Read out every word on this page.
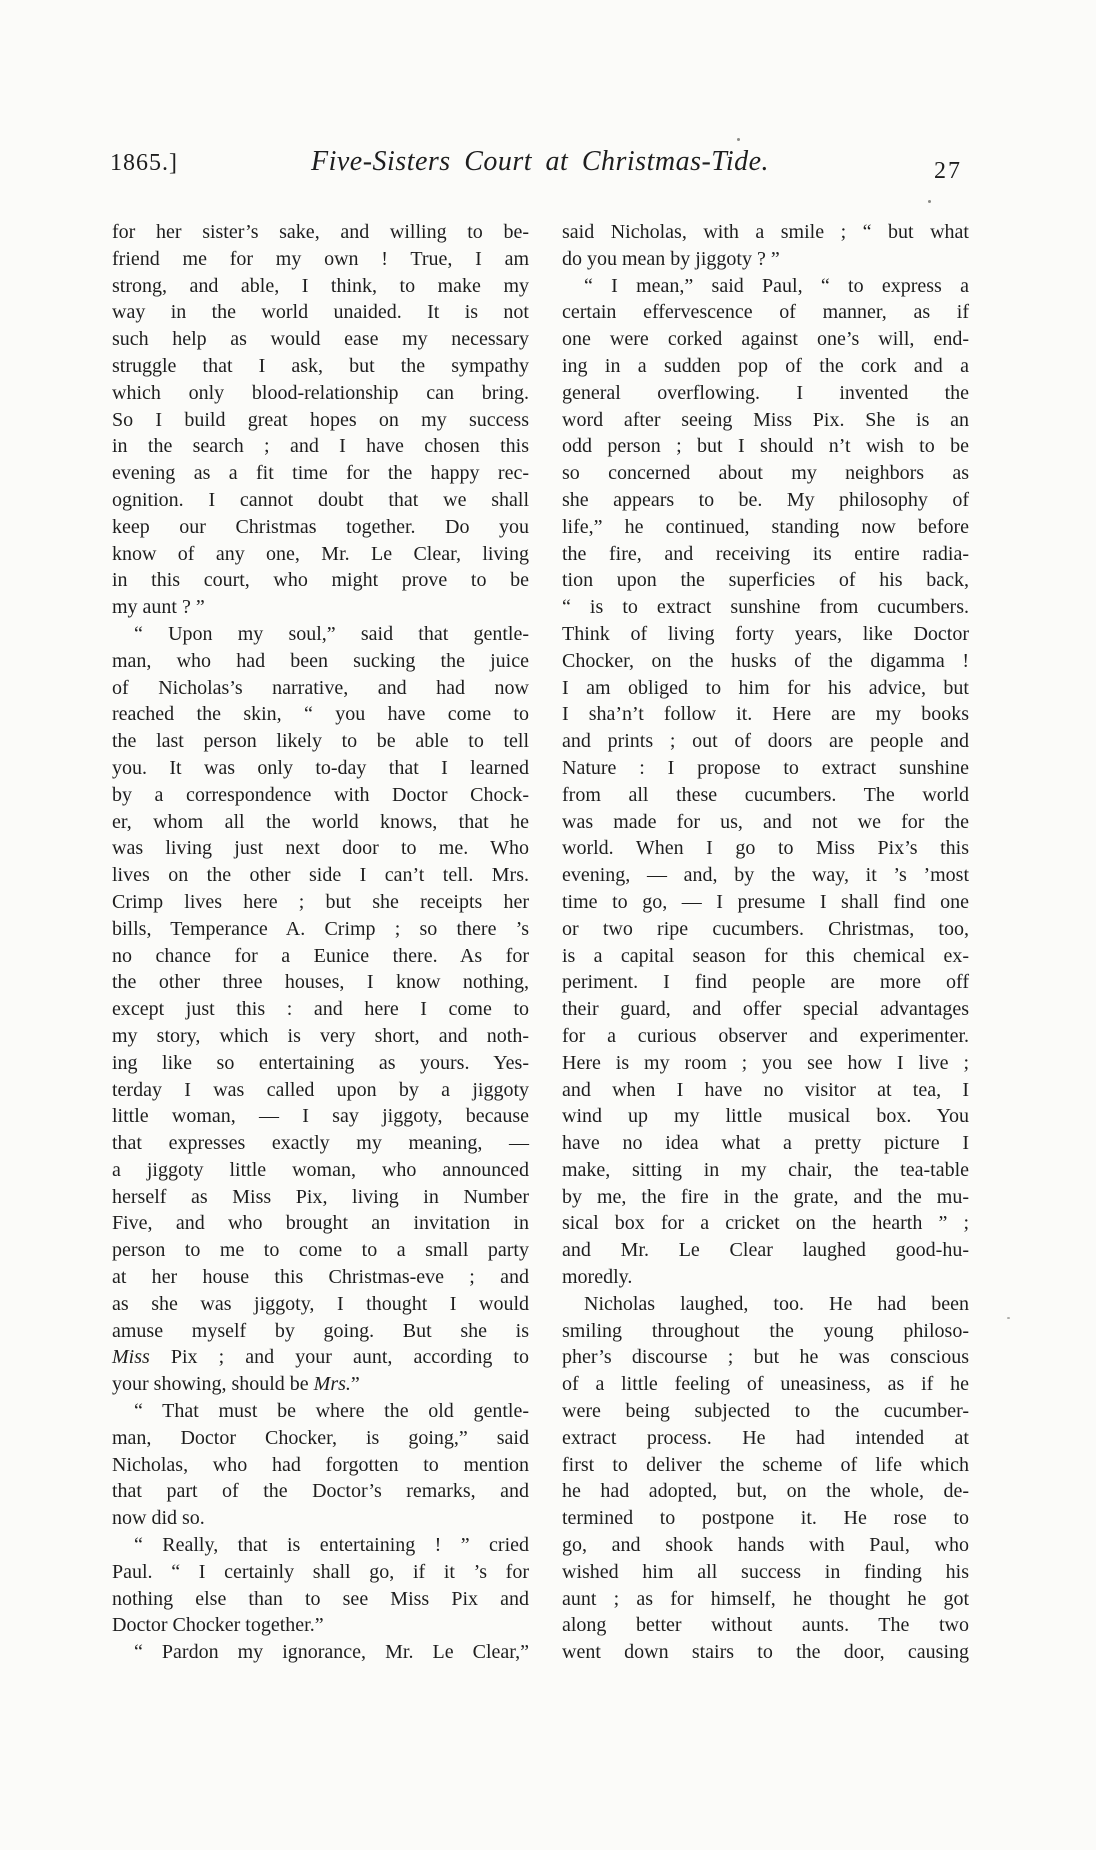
1865.]	Five-Sisters Court at Christmas-Tide.	27
for her sister’s sake, and willing to be-
friend me for my own ! True, I am
strong, and able, I think, to make my
way in the world unaided. It is not
such help as would ease my necessary
struggle that I ask, but the sympathy
which only blood-relationship can bring.
So I build great hopes on my success
in the search ; and I have chosen this
evening as a fit time for the happy rec-
ognition. I cannot doubt that we shall
keep our Christmas together. Do you
know of any one, Mr. Le Clear, living
in this court, who might prove to be
my aunt ? ”
“ Upon my soul,” said that gentle-
man, who had been sucking the juice
of Nicholas’s narrative, and had now
reached the skin, “ you have come to
the last person likely to be able to tell
you. It was only to-day that I learned
by a correspondence with Doctor Chock-
er, whom all the world knows, that he
was living just next door to me. Who
lives on the other side I can’t tell. Mrs.
Crimp lives here ; but she receipts her
bills, Temperance A. Crimp ; so there ’s
no chance for a Eunice there. As for
the other three houses, I know nothing,
except just this : and here I come to
my story, which is very short, and noth-
ing like so entertaining as yours. Yes-
terday I was called upon by a jiggoty
little woman, — I say jiggoty, because
that expresses exactly my meaning, —
a jiggoty little woman, who announced
herself as Miss Pix, living in Number
Five, and who brought an invitation in
person to me to come to a small party
at her house this Christmas-eve ; and
as she was jiggoty, I thought I would
amuse myself by going. But she is
Miss Pix ; and your aunt, according to
your showing, should be Mrs.”
“ That must be where the old gentle-
man, Doctor Chocker, is going,” said
Nicholas, who had forgotten to mention
that part of the Doctor’s remarks, and
now did so.
“ Really, that is entertaining ! ” cried
Paul. “ I certainly shall go, if it ’s for
nothing else than to see Miss Pix and
Doctor Chocker together.”
“ Pardon my ignorance, Mr. Le Clear,”
said Nicholas, with a smile ; “ but what
do you mean by jiggoty ? ”
“ I mean,” said Paul, “ to express a
certain effervescence of manner, as if
one were corked against one’s will, end-
ing in a sudden pop of the cork and a
general overflowing. I invented the
word after seeing Miss Pix. She is an
odd person ; but I should n’t wish to be
so concerned about my neighbors as
she appears to be. My philosophy of
life,” he continued, standing now before
the fire, and receiving its entire radia-
tion upon the superficies of his back,
“ is to extract sunshine from cucumbers.
Think of living forty years, like Doctor
Chocker, on the husks of the digamma !
I am obliged to him for his advice, but
I sha’n’t follow it. Here are my books
and prints ; out of doors are people and
Nature : I propose to extract sunshine
from all these cucumbers. The world
was made for us, and not we for the
world. When I go to Miss Pix’s this
evening, — and, by the way, it ’s ’most
time to go, — I presume I shall find one
or two ripe cucumbers. Christmas, too,
is a capital season for this chemical ex-
periment. I find people are more off
their guard, and offer special advantages
for a curious observer and experimenter.
Here is my room ; you see how I live ;
and when I have no visitor at tea, I
wind up my little musical box. You
have no idea what a pretty picture I
make, sitting in my chair, the tea-table
by me, the fire in the grate, and the mu-
sical box for a cricket on the hearth ” ;
and Mr. Le Clear laughed good-hu-
moredly.
Nicholas laughed, too. He had been
smiling throughout the young philoso-
pher’s discourse ; but he was conscious
of a little feeling of uneasiness, as if he
were being subjected to the cucumber-
extract process. He had intended at
first to deliver the scheme of life which
he had adopted, but, on the whole, de-
termined to postpone it. He rose to
go, and shook hands with Paul, who
wished him all success in finding his
aunt ; as for himself, he thought he got
along better without aunts. The two
went down stairs to the door, causing
